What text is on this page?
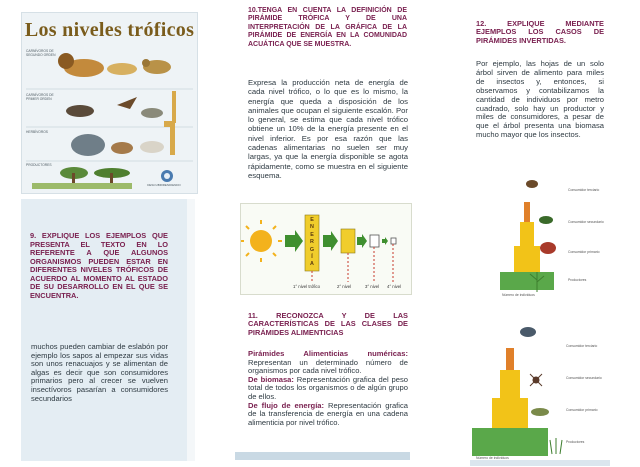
Los niveles tróficos
CARNÍVOROS DE SEGUNDO ORDEN
CARNÍVOROS DE PRIMER ORDEN
HERBÍVOROS
PRODUCTORES
DESCUBRIRENDIENDO
9. EXPLIQUE LOS EJEMPLOS QUE PRESENTA EL TEXTO EN LO REFERENTE A QUE ALGUNOS ORGANISMOS PUEDEN ESTAR EN DIFERENTES NIVELES TRÓFICOS DE ACUERDO AL MOMENTO AL ESTADO DE SU DESARROLLO EN EL QUE SE ENCUENTRA.
muchos pueden cambiar de eslabón por ejemplo los sapos al empezar sus vidas son unos renacuajos y se alimentan de algas es decir que son consumidores primarios pero al crecer se vuelven insectívoros pasarían a consumidores secundarios
10.TENGA EN CUENTA LA DEFINICIÓN DE PIRÁMIDE TRÓFICA Y DE UNA INTERPRETACIÓN DE LA GRÁFICA DE LA PIRÁMIDE DE ENERGÍA EN LA COMUNIDAD ACUÁTICA QUE SE MUESTRA.
Expresa la producción neta de energía de cada nivel trófico, o lo que es lo mismo, la energía que queda a disposición de los animales que ocupan el siguiente escalón. Por lo general, se estima que cada nivel trófico obtiene un 10% de la energía presente en el nivel inferior. Es por esa razón que las cadenas alimentarias no suelen ser muy largas, ya que la energía disponible se agota rápidamente, como se muestra en el siguiente esquema.
E
N
E
R
G
Í
A
1° nivel trófico	2° nivel	3° nivel 4° nivel
11. RECONOZCA Y DE LAS CARACTERÍSTICAS DE LAS CLASES DE PIRÁMIDES ALIMENTICIAS

Pirámides Alimenticias numéricas: Representan un determinado número de organismos por cada nivel trófico.

De biomasa: Representación grafica del peso total de todos los organismos o de algún grupo de ellos.

De flujo de energía: Representación grafica de la transferencia de energía en una cadena alimenticia por nivel trófico.

12. EXPLIQUE MEDIANTE EJEMPLOS LOS CASOS DE PIRÁMIDES INVERTIDAS.
Por ejemplo, las hojas de un solo árbol sirven de alimento para miles de insectos y, entonces, si observamos y contabilizamos la cantidad de individuos por metro cuadrado, solo hay un productor y miles de consumidores, a pesar de que el árbol presenta una biomasa mucho mayor que los insectos.
Consumidor terciario
Consumidor secundario
Consumidor primario
Productores
Número de individuos
Consumidor terciario
Consumidor secundario
Consumidor primario
Productores
Número de individuos
